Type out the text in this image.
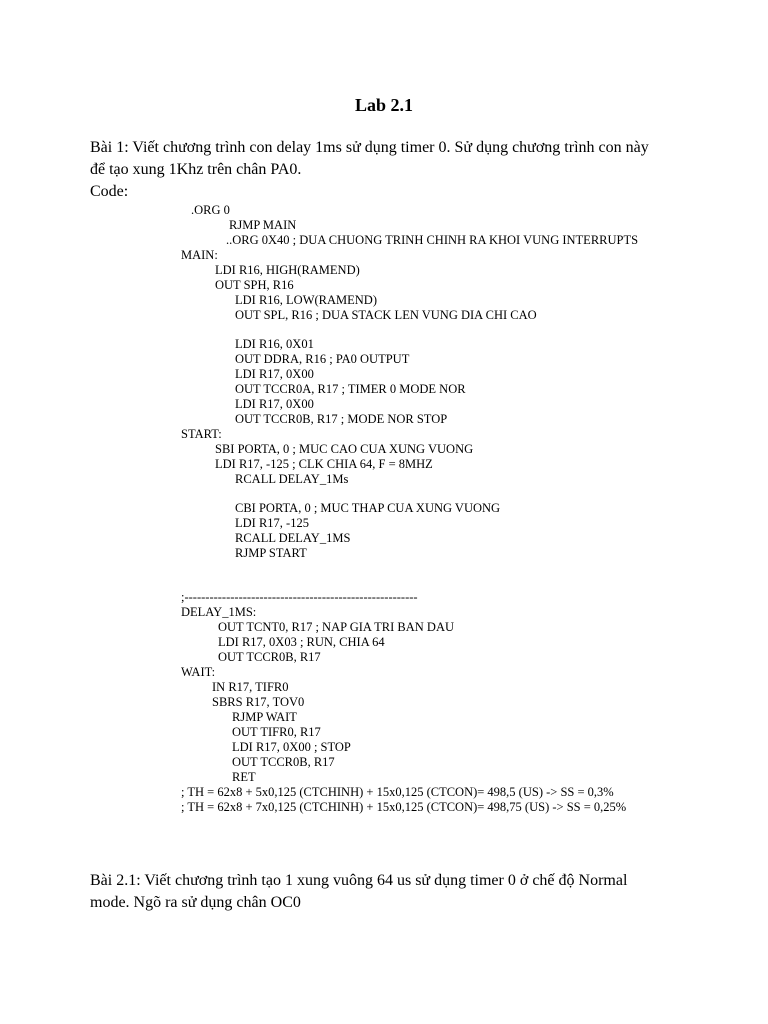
Lab 2.1
Bài 1: Viết chương trình con delay 1ms sử dụng timer 0. Sử dụng chương trình con này
để tạo xung 1Khz trên chân PA0.
Code:
.ORG 0
RJMP MAIN
..ORG 0X40 ; DUA CHUONG TRINH CHINH RA KHOI VUNG INTERRUPTS
MAIN:
LDI R16, HIGH(RAMEND)
OUT SPH, R16
LDI R16, LOW(RAMEND)
OUT SPL, R16 ; DUA STACK LEN VUNG DIA CHI CAO
LDI R16, 0X01
OUT DDRA, R16 ; PA0 OUTPUT
LDI R17, 0X00
OUT TCCR0A, R17 ; TIMER 0 MODE NOR
LDI R17, 0X00
OUT TCCR0B, R17 ; MODE NOR STOP
START:
SBI PORTA, 0 ; MUC CAO CUA XUNG VUONG
LDI R17, -125 ; CLK CHIA 64, F = 8MHZ
RCALL DELAY_1Ms
CBI PORTA, 0 ; MUC THAP CUA XUNG VUONG
LDI R17, -125
RCALL DELAY_1MS
RJMP START
;--------------------------------------------------------
DELAY_1MS:
OUT TCNT0, R17 ; NAP GIA TRI BAN DAU
LDI R17, 0X03 ; RUN, CHIA 64
OUT TCCR0B, R17
WAIT:
IN R17, TIFR0
SBRS R17, TOV0
RJMP WAIT
OUT TIFR0, R17
LDI R17, 0X00 ; STOP
OUT TCCR0B, R17
RET
; TH = 62x8 + 5x0,125 (CTCHINH) + 15x0,125 (CTCON)= 498,5 (US) -> SS = 0,3%
; TH = 62x8 + 7x0,125 (CTCHINH) + 15x0,125 (CTCON)= 498,75 (US) -> SS = 0,25%
Bài 2.1: Viết chương trình tạo 1 xung vuông 64 us sử dụng timer 0 ở chế độ Normal
mode. Ngõ ra sử dụng chân OC0
